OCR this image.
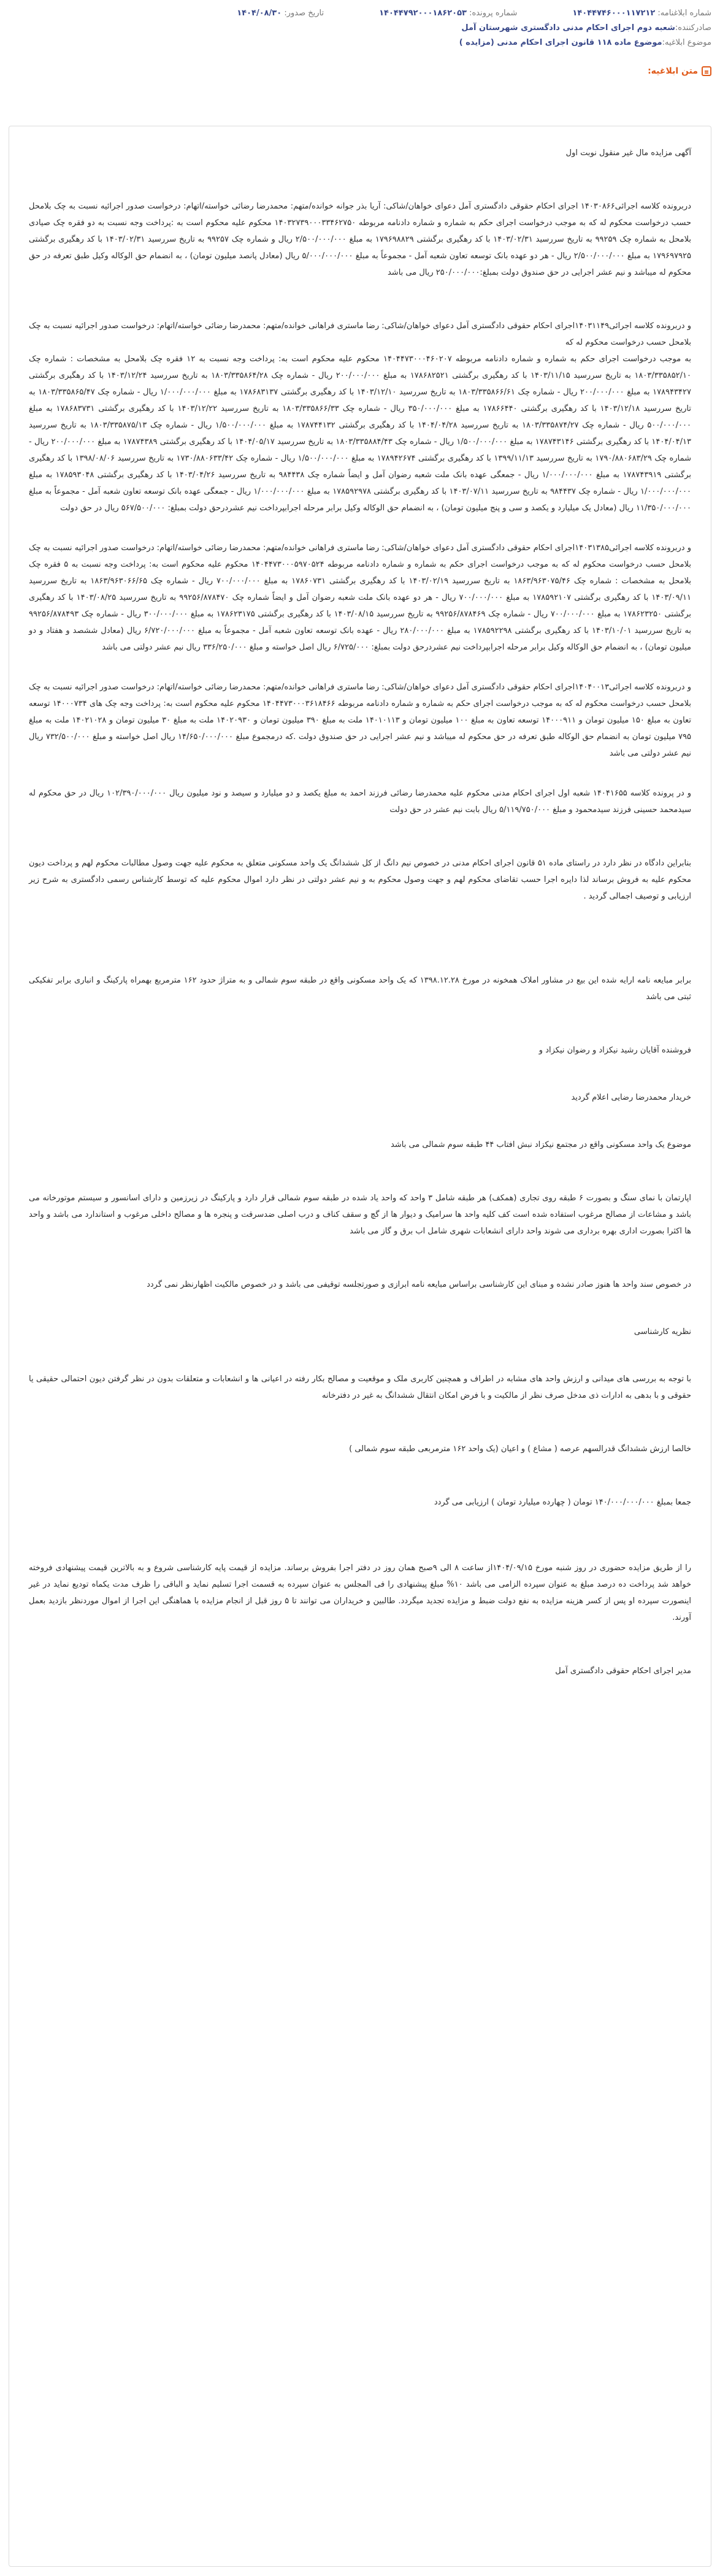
شماره ابلاغنامه: ۱۴۰۴۴۷۴۶۰۰۰۱۱۷۲۱۲
شماره پرونده: ۱۴۰۴۴۷۹۲۰۰۰۱۸۶۲۰۵۳
تاریخ صدور: ۱۴۰۴/۰۸/۳۰
صادرکننده:
شعبه دوم اجرای احکام مدنی دادگستری شهرستان آمل
موضوع ابلاغیه:
موضوع ماده ۱۱۸ قانون اجرای احکام مدنی (مزایده )
متن ابلاغیه:

آگهی مزایده مال غیر منقول نوبت اول

دربرونده کلاسه اجرائی۱۴۰۳۰۸۶۶ اجرای احکام حقوقی دادگستری آمل دعوای خواهان/شاکی: آریا بذر جوانه خوانده/متهم: محمدرضا رضائی خواسته/اتهام: درخواست صدور اجرائیه نسبت به چک بلامحل حسب درخواست محکوم له که به موجب درخواست اجرای حکم به شماره و شماره دادنامه مربوطه ۱۴۰۳۲۷۳۹۰۰۰۳۳۴۶۲۷۵۰ محکوم علیه محکوم است به :پرداخت وجه نسبت به دو فقره چک صیادی بلامحل به شماره چک ۹۹۲۵۹ به تاریخ سررسید ۱۴۰۳/۰۲/۳۱ با کد رهگیری برگشتی ۱۷۹۶۹۸۸۲۹ به مبلغ ۲/۵۰۰/۰۰۰/۰۰۰ ریال و شماره چک ۹۹۲۵۷ به تاریخ سررسید ۱۴۰۳/۰۲/۳۱ با کد رهگیری برگشتی ۱۷۹۶۹۷۹۲۵ به مبلغ ۲/۵۰۰/۰۰۰/۰۰۰ ریال - هر دو عهده بانک توسعه تعاون شعبه آمل - مجموعاً به مبلغ ۵/۰۰۰/۰۰۰/۰۰۰ ریال (معادل پانصد میلیون تومان) ، به انضمام حق الوکاله وکیل طبق تعرفه در حق محکوم له میباشد و نیم عشر اجرایی در حق صندوق دولت بمبلغ:۲۵۰/۰۰۰/۰۰۰ ریال می باشد

و دربرونده کلاسه اجرائی۱۴۰۳۱۱۴۹اجرای احکام حقوقی دادگستری آمل دعوای خواهان/شاکی: رضا ماستری فراهانی خوانده/متهم: محمدرضا رضائی خواسته/اتهام: درخواست صدور اجرائیه نسبت به چک بلامحل حسب درخواست محکوم له که

به موجب درخواست اجرای حکم به شماره و شماره دادنامه مربوطه ۱۴۰۴۴۷۳۰۰۰۴۶۰۲۰۷ محکوم علیه محکوم است به: پرداخت وجه نسبت به ۱۲ فقره چک بلامحل به مشخصات : شماره چک ۱۸۰۳/۳۳۵۸۵۲/۱۰ به تاریخ سررسید ۱۴۰۳/۱۱/۱۵ با کد رهگیری برگشتی ۱۷۸۶۸۲۵۲۱ به مبلغ ۲۰۰/۰۰۰/۰۰۰ ریال - شماره چک ۱۸۰۳/۳۳۵۸۶۴/۲۸ به تاریخ سررسید ۱۴۰۳/۱۲/۲۴ با کد رهگیری برگشتی ۱۷۸۹۴۳۴۲۷ به مبلغ ۲۰۰/۰۰۰/۰۰۰ ریال - شماره چک ۱۸۰۳/۳۳۵۸۶۶/۶۱ به تاریخ سررسید ۱۴۰۳/۱۲/۱۰ با کد رهگیری برگشتی ۱۷۸۶۸۳۱۳۷ به مبلغ ۱/۰۰۰/۰۰۰/۰۰۰ ریال - شماره چک ۱۸۰۳/۳۳۵۸۶۵/۴۷ به تاریخ سررسید ۱۴۰۳/۱۲/۱۸ با کد رهگیری برگشتی ۱۷۸۶۶۴۴۰ به مبلغ ۳۵۰/۰۰۰/۰۰۰ ریال - شماره چک ۱۸۰۳/۳۳۵۸۶۶/۳۳ به تاریخ سررسید ۱۴۰۳/۱۲/۲۲ با کد رهگیری برگشتی ۱۷۸۶۸۳۷۳۱ به مبلغ ۵۰۰/۰۰۰/۰۰۰ ریال - شماره چک ۱۸۰۳/۳۳۵۸۷۴/۲۷ به تاریخ سررسید ۱۴۰۴/۰۴/۲۸ با کد رهگیری برگشتی ۱۷۸۷۴۴۱۳۲ به مبلغ ۱/۵۰۰/۰۰۰/۰۰۰ ریال - شماره چک ۱۸۰۳/۳۳۵۸۷۵/۱۳ به تاریخ سررسید ۱۴۰۴/۰۴/۱۳ با کد رهگیری برگشتی ۱۷۸۷۴۳۱۴۶ به مبلغ ۱/۵۰۰/۰۰۰/۰۰۰ ریال - شماره چک ۱۸۰۳/۳۳۵۸۸۴/۴۳ به تاریخ سررسید ۱۴۰۴/۰۵/۱۷ با کد رهگیری برگشتی ۱۷۸۷۴۳۸۹ به مبلغ ۲۰۰/۰۰۰/۰۰۰ ریال - شماره چک ۱۷۹۰/۸۸۰۶۸۳/۲۹ به تاریخ سررسید ۱۳۹۹/۱۱/۱۳ با کد رهگیری برگشتی ۱۷۸۹۴۲۶۷۴ به مبلغ ۱/۵۰۰/۰۰۰/۰۰۰ ریال - شماره چک ۱۷۳۰/۸۸۰۶۳۳/۴۲ به تاریخ سررسید ۱۳۹۸/۰۸/۰۶ با کد رهگیری برگشتی ۱۷۸۷۴۳۹۱۹ به مبلغ ۱/۰۰۰/۰۰۰/۰۰۰ ریال - جمعگی عهده بانک ملت شعبه رضوان آمل و ایضاً شماره چک ۹۸۴۴۳۸ به تاریخ سررسید ۱۴۰۳/۰۴/۲۶ با کد رهگیری برگشتی ۱۷۸۵۹۳۰۴۸ به مبلغ ۱/۰۰۰/۰۰۰/۰۰۰ ریال - شماره چک ۹۸۴۴۳۷ به تاریخ سررسید ۱۴۰۳/۰۷/۱۱ با کد رهگیری برگشتی ۱۷۸۵۹۲۹۷۸ به مبلغ ۱/۰۰۰/۰۰۰/۰۰۰ ریال - جمعگی عهده بانک توسعه تعاون شعبه آمل - مجموعاً به مبلغ ۱۱/۳۵۰/۰۰۰/۰۰۰ ریال (معادل یک میلیارد و یکصد و سی و پنج میلیون تومان) ، به انضمام حق الوکاله وکیل برابر مرحله اجرابپرداخت نیم عشردرحق دولت بمبلغ: ۵۶۷/۵۰۰/۰۰۰ ریال در حق دولت

و دربرونده کلاسه اجرائی۱۴۰۳۱۳۸۵اجرای احکام حقوقی دادگستری آمل دعوای خواهان/شاکی: رضا ماستری فراهانی خوانده/متهم: محمدرضا رضائی خواسته/اتهام: درخواست صدور اجرائیه نسبت به چک بلامحل حسب درخواست محکوم له که به موجب درخواست اجرای حکم به شماره و شماره دادنامه مربوطه ۱۴۰۴۴۷۳۰۰۰۵۹۷۰۵۲۴ محکوم علیه محکوم است به: پرداخت وجه نسبت به ۵ فقره چک بلامحل به مشخصات : شماره چک ۱۸۶۳/۹۶۳۰۷۵/۴۶ به تاریخ سررسید ۱۴۰۳/۰۲/۱۹ با کد رهگیری برگشتی ۱۷۸۶۰۷۳۱ به مبلغ ۷۰۰/۰۰۰/۰۰۰ ریال - شماره چک ۱۸۶۳/۹۶۳۰۶۶/۶۵ به تاریخ سررسید ۱۴۰۳/۰۹/۱۱ با کد رهگیری برگشتی ۱۷۸۵۹۲۱۰۷ به مبلغ ۷۰۰/۰۰۰/۰۰۰ ریال - هر دو عهده بانک ملت شعبه رضوان آمل و ایضاً شماره چک ۹۹۲۵۶/۸۷۸۴۷۰ به تاریخ سررسید ۱۴۰۳/۰۸/۲۵ با کد رهگیری برگشتی ۱۷۸۶۲۳۲۵۰ به مبلغ ۷۰۰/۰۰۰/۰۰۰ ریال - شماره چک ۹۹۲۵۶/۸۷۸۴۶۹ به تاریخ سررسید ۱۴۰۳/۰۸/۱۵ با کد رهگیری برگشتی ۱۷۸۶۲۳۱۷۵ به مبلغ ۳۰۰/۰۰۰/۰۰۰ ریال - شماره چک ۹۹۲۵۶/۸۷۸۴۹۳ به تاریخ سررسید ۱۴۰۳/۱۰/۰۱ با کد رهگیری برگشتی ۱۷۸۵۹۲۲۹۸ به مبلغ ۲۸۰/۰۰۰/۰۰۰ ریال - عهده بانک توسعه تعاون شعبه آمل - مجموعاً به مبلغ ۶/۷۲۰/۰۰۰/۰۰۰ ریال (معادل ششصد و هفتاد و دو میلیون تومان) ، به انضمام حق الوکاله وکیل برابر مرحله اجرابپرداخت نیم عشردرحق دولت بمبلغ: ۶/۷۲۵/۰۰۰ ریال اصل خواسته و مبلغ ۳۳۶/۲۵۰/۰۰۰ ریال نیم عشر دولتی می باشد

و دربرونده کلاسه اجرائی۱۴۰۴۰۰۱۳اجرای احکام حقوقی دادگستری آمل دعوای خواهان/شاکی: رضا ماستری فراهانی خوانده/متهم: محمدرضا رضائی خواسته/اتهام: درخواست صدور اجرائیه نسبت به چک بلامحل حسب درخواست محکوم له که به موجب درخواست اجرای حکم به شماره و شماره دادنامه مربوطه ۱۴۰۴۴۷۳۰۰۰۳۶۱۸۴۶۶ محکوم علیه محکوم است به: پرداخت وجه چک های ۱۴۰۰۰۷۳۴ توسعه تعاون به مبلغ ۱۵۰ میلیون تومان و ۱۴۰۰۰۹۱۱ توسعه تعاون به مبلغ ۱۰۰ میلیون تومان و ۱۴۰۱۰۱۱۳ ملت به مبلغ ۳۹۰ میلیون تومان و ۱۴۰۲۰۹۳۰ ملت به مبلغ ۳۰ میلیون تومان و ۱۴۰۲۱۰۲۸ ملت به مبلغ ۷۹۵ میلیون تومان به انضمام حق الوکاله طبق تعرفه در حق محکوم له میباشد و نیم عشر اجرایی در حق صندوق دولت .که درمجموع مبلغ ۱۴/۶۵۰/۰۰۰/۰۰۰ ریال اصل خواسته و مبلغ ۷۳۲/۵۰۰/۰۰۰ ریال نیم عشر دولتی می باشد

و در پرونده کلاسه ۱۴۰۴۱۶۵۵ شعبه اول اجرای احکام مدنی محکوم علیه محمدرضا رضائی فرزند احمد به مبلغ یکصد و دو میلیارد و سیصد و نود میلیون ریال ۱۰۲/۳۹۰/۰۰۰/۰۰۰ ریال در حق محکوم له سیدمحمد حسینی فرزند سیدمحمود و مبلغ ۵/۱۱۹/۷۵۰/۰۰۰ ریال بابت نیم عشر در حق دولت

بنابراین دادگاه در نظر دارد در راستای ماده ۵۱ قانون اجرای احکام مدنی در خصوص نیم دانگ از کل ششدانگ یک واحد مسکونی متعلق به محکوم علیه جهت وصول مطالبات محکوم لهم و پرداخت دیون محکوم علیه به فروش برساند لذا دایره اجرا حسب تقاضای محکوم لهم و جهت وصول محکوم به و نیم عشر دولتی در نظر دارد اموال محکوم علیه که توسط کارشناس رسمی دادگستری به شرح زیر ارزیابی و توصیف اجمالی گردید .

برابر مبایعه نامه ارایه شده این بیع در مشاور املاک همخونه در مورخ ۱۳۹۸.۱۲.۲۸ که یک واحد مسکونی واقع در طبقه سوم شمالی و به متراژ حدود ۱۶۲ مترمربع بهمراه پارکینگ و انباری برابر تفکیکی ثبتی می باشد

فروشنده آقایان رشید نیکزاد و رضوان نیکزاد و

خریدار محمدرضا رضایی اعلام گردید

موضوع یک واحد مسکونی واقع در مجتمع نیکزاد نبش افتاب ۴۴ طبقه سوم شمالی می باشد

اپارتمان با نمای سنگ و بصورت ۶ طبقه روی تجاری (همکف) هر طبقه شامل ۳ واحد که واحد یاد شده در طبقه سوم شمالی قرار دارد و پارکینگ در زیرزمین و دارای اسانسور و سیستم موتورخانه می باشد و مشاعات از مصالح مرغوب استفاده شده است کف کلیه واحد ها سرامیک و دیوار ها از گچ و سقف کناف و درب اصلی ضدسرقت و پنجره ها و مصالح داخلی مرغوب و استاندارد می باشد و واحد ها اکثرا بصورت اداری بهره برداری می شوند واحد دارای انشعابات شهری شامل اب برق و گاز می باشد

در خصوص سند واحد ها هنوز صادر نشده و مبنای این کارشناسی براساس مبایعه نامه ابرازی و صورتجلسه توقیفی می باشد و در خصوص مالکیت اظهارنظر نمی گردد

نظریه کارشناسی

با توجه به بررسی های میدانی و ارزش واحد های مشابه در اطراف و همچنین کاربری ملک و موقعیت و مصالح بکار رفته در اعیانی ها و انشعابات و متعلقات بدون در نظر گرفتن دیون احتمالی حقیقی یا حقوقی و با بدهی به ادارات ذی مدخل صرف نظر از مالکیت و با فرض امکان انتقال ششدانگ به غیر در دفترخانه

خالصا ارزش ششدانگ قدرالسهم عرصه ( مشاع ) و اعیان (یک واحد ۱۶۲ مترمربعی طبقه سوم شمالی )

جمعا بمبلغ ۱۴۰/۰۰۰/۰۰۰/۰۰۰ تومان ( چهارده میلیارد تومان ) ارزیابی می گردد

را از طریق مزایده حضوری در روز شنبه مورخ ۱۴۰۴/۰۹/۱۵از ساعت ۸ الی ۹صبح همان روز در دفتر اجرا بفروش برساند. مزایده از قیمت پایه کارشناسی شروع و به بالاترین قیمت پیشنهادی فروخته خواهد شد پرداخت ده درصد مبلغ به عنوان سپرده الزامی می باشد ۱۰% مبلغ پیشنهادی را فی المجلس به عنوان سپرده به قسمت اجرا تسلیم نماید و الباقی را ظرف مدت یکماه تودیع نماید در غیر اینصورت سپرده او پس از کسر هزینه مزایده به نفع دولت ضبط و مزایده تجدید میگردد. طالبین و خریداران می توانند تا ۵ روز قبل از انجام مزایده با هماهنگی این اجرا از اموال موردنظر بازدید بعمل آورند.

مدیر اجرای احکام حقوقی دادگستری آمل
